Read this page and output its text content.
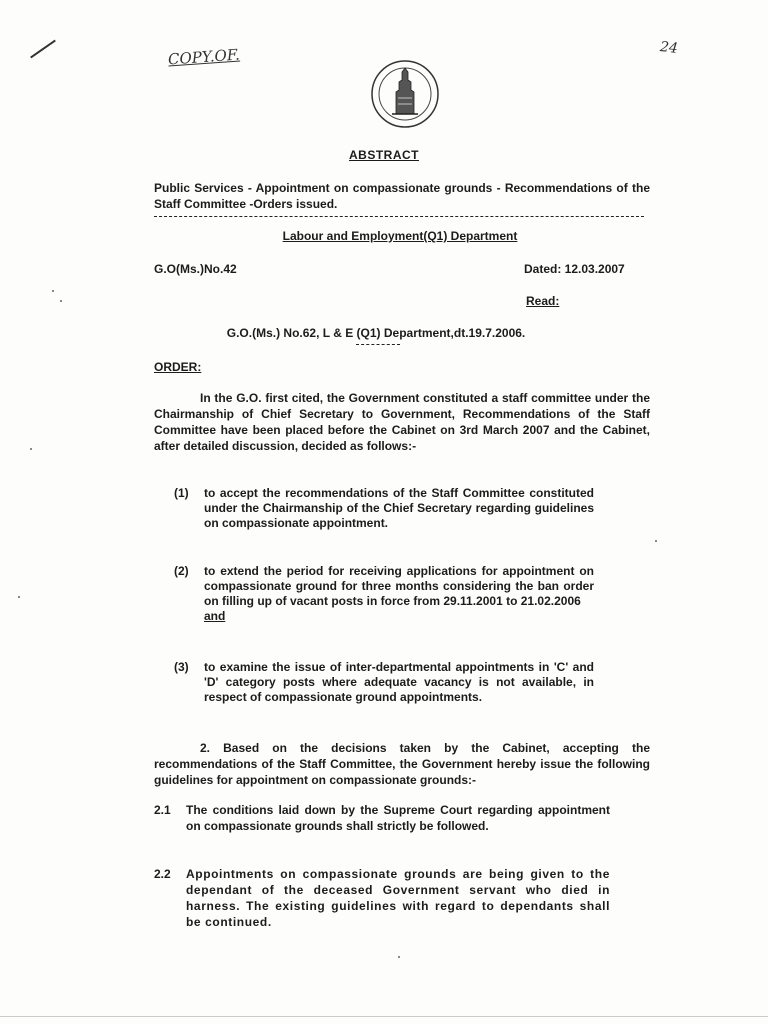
COPY.OF.	24
ABSTRACT
Public Services - Appointment on compassionate grounds - Recommendations of the Staff Committee -Orders issued.
Labour and Employment(Q1) Department
G.O(Ms.)No.42	Dated: 12.03.2007
Read:
G.O.(Ms.) No.62, L & E (Q1) Department,dt.19.7.2006.
ORDER:
In the G.O. first cited, the Government constituted a staff committee under the Chairmanship of Chief Secretary to Government, Recommendations of the Staff Committee have been placed before the Cabinet on 3rd March 2007 and the Cabinet, after detailed discussion, decided as follows:-
(1) to accept the recommendations of the Staff Committee constituted under the Chairmanship of the Chief Secretary regarding guidelines on compassionate appointment.
(2) to extend the period for receiving applications for appointment on compassionate ground for three months considering the ban order on filling up of vacant posts in force from 29.11.2001 to 21.02.2006
and
(3) to examine the issue of inter-departmental appointments in 'C' and 'D' category posts where adequate vacancy is not available, in respect of compassionate ground appointments.
2. Based on the decisions taken by the Cabinet, accepting the recommendations of the Staff Committee, the Government hereby issue the following guidelines for appointment on compassionate grounds:-
2.1 The conditions laid down by the Supreme Court regarding appointment on compassionate grounds shall strictly be followed.
2.2 Appointments on compassionate grounds are being given to the dependant of the deceased Government servant who died in harness. The existing guidelines with regard to dependants shall be continued.
